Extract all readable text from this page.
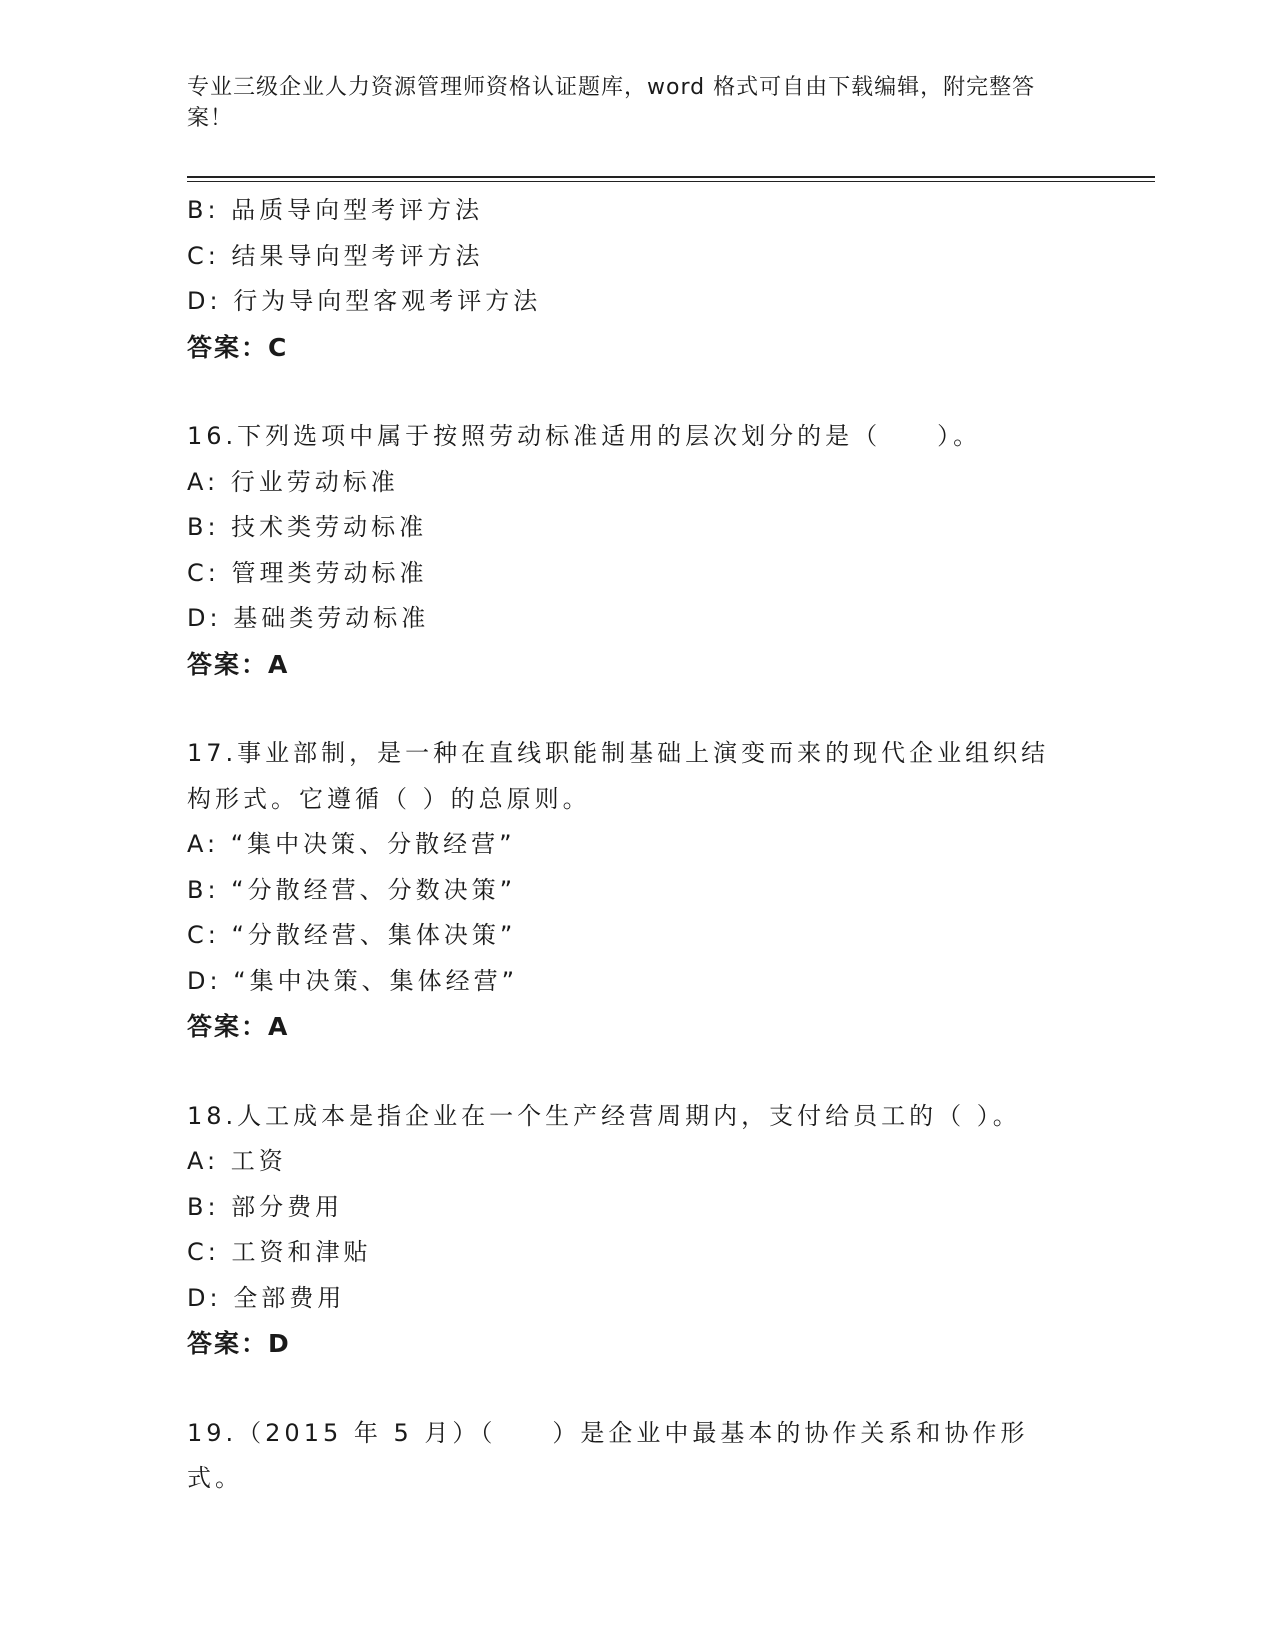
专业三级企业人力资源管理师资格认证题库，word 格式可自由下载编辑，附完整答案！
B: 品质导向型考评方法
C: 结果导向型考评方法
D: 行为导向型客观考评方法
答案：C
16.下列选项中属于按照劳动标准适用的层次划分的是（　　）。
A: 行业劳动标准
B: 技术类劳动标准
C: 管理类劳动标准
D: 基础类劳动标准
答案：A
17.事业部制，是一种在直线职能制基础上演变而来的现代企业组织结构形式。它遵循（ ）的总原则。
A: “集中决策、分散经营”
B: “分散经营、分数决策”
C: “分散经营、集体决策”
D: “集中决策、集体经营”
答案：A
18.人工成本是指企业在一个生产经营周期内，支付给员工的（ ）。
A: 工资
B: 部分费用
C: 工资和津贴
D: 全部费用
答案：D
19.（2015 年 5 月）（　　）是企业中最基本的协作关系和协作形式。
